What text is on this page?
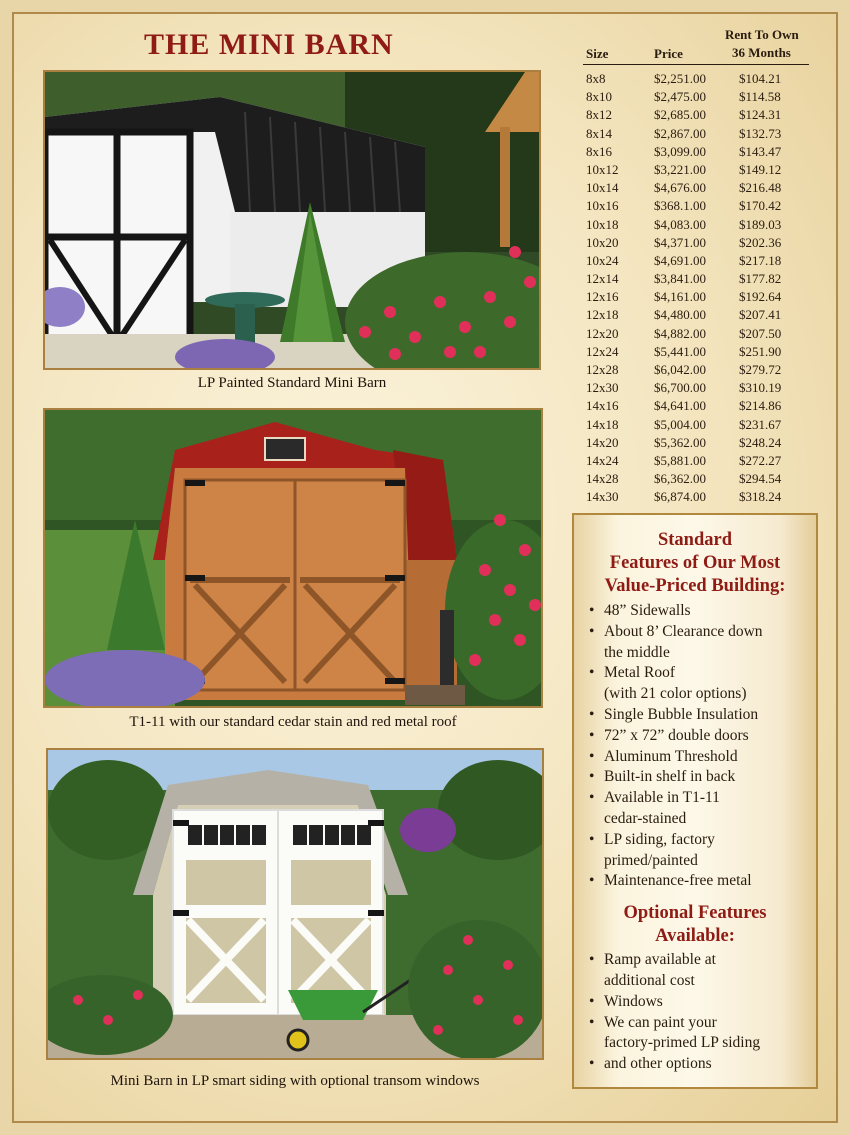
THE MINI BARN
LP Painted Standard Mini Barn
T1-11 with our standard cedar stain and red metal roof
Mini Barn in LP smart siding with optional transom windows
Size	Price
Rent To Own
36 Months
8x8	$2,251.00	$104.21
8x10	$2,475.00	$114.58
8x12	$2,685.00	$124.31
8x14	$2,867.00	$132.73
8x16	$3,099.00	$143.47
10x12	$3,221.00	$149.12
10x14	$4,676.00	$216.48
10x16	$368.1.00	$170.42
10x18	$4,083.00	$189.03
10x20	$4,371.00	$202.36
10x24	$4,691.00	$217.18
12x14	$3,841.00	$177.82
12x16	$4,161.00	$192.64
12x18	$4,480.00	$207.41
12x20	$4,882.00	$207.50
12x24	$5,441.00	$251.90
12x28	$6,042.00	$279.72
12x30	$6,700.00	$310.19
14x16	$4,641.00	$214.86
14x18	$5,004.00	$231.67
14x20	$5,362.00	$248.24
14x24	$5,881.00	$272.27
14x28	$6,362.00	$294.54
14x30	$6,874.00	$318.24
Standard
Features of Our Most
Value-Priced Building:
• 48” Sidewalls
• About 8’ Clearance down
the middle
• Metal Roof
(with 21 color options)
• Single Bubble Insulation
• 72” x 72” double doors
• Aluminum Threshold
• Built-in shelf in back
• Available in T1-11
cedar-stained
• LP siding, factory
primed/painted
• Maintenance-free metal
Optional Features
Available:
• Ramp available at
additional cost
• Windows
• We can paint your
factory-primed LP siding
• and other options
